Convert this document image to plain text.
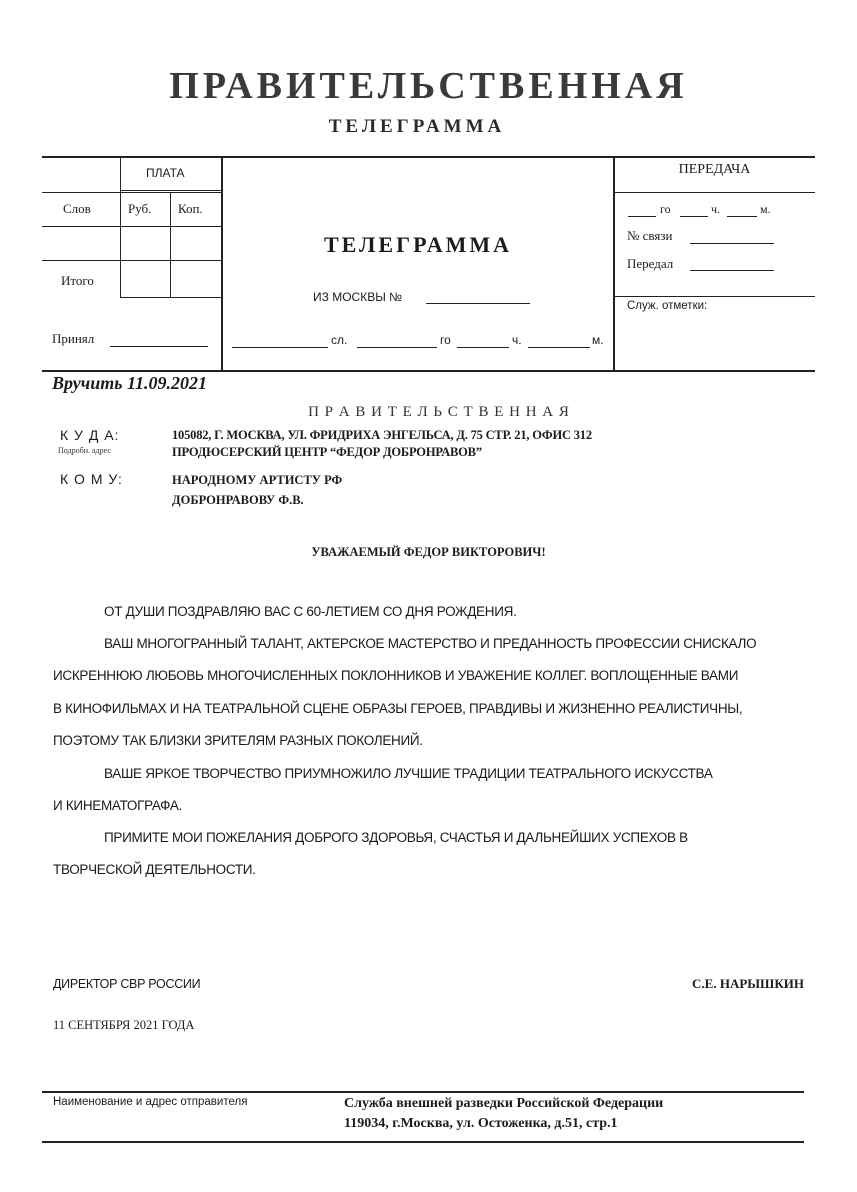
ПРАВИТЕЛЬСТВЕННАЯ
ТЕЛЕГРАММА
ПЛАТА
Слов	Руб. Коп.
Итого
Принял
ТЕЛЕГРАММА
ИЗ МОСКВЫ №
сл.	го	ч.	м.
ПЕРЕДАЧА
го	ч.	м.
№ связи
Передал
Служ. отметки:
Вручить 11.09.2021
П Р А В И Т Е Л Ь С Т В Е Н Н А Я
К У Д А:
Подробн. адрес
105082, Г. МОСКВА, УЛ. ФРИДРИХА ЭНГЕЛЬСА, Д. 75 СТР. 21, ОФИС 312
ПРОДЮСЕРСКИЙ ЦЕНТР “ФЕДОР ДОБРОНРАВОВ”
К О М У:	НАРОДНОМУ АРТИСТУ РФ
ДОБРОНРАВОВУ Ф.В.
УВАЖАЕМЫЙ ФЕДОР ВИКТОРОВИЧ!
ОТ ДУШИ ПОЗДРАВЛЯЮ ВАС С 60-ЛЕТИЕМ СО ДНЯ РОЖДЕНИЯ.
ВАШ МНОГОГРАННЫЙ ТАЛАНТ, АКТЕРСКОЕ МАСТЕРСТВО И ПРЕДАННОСТЬ ПРОФЕССИИ СНИСКАЛО
ИСКРЕННЮЮ ЛЮБОВЬ МНОГОЧИСЛЕННЫХ ПОКЛОННИКОВ И УВАЖЕНИЕ КОЛЛЕГ. ВОПЛОЩЕННЫЕ ВАМИ
В КИНОФИЛЬМАХ И НА ТЕАТРАЛЬНОЙ СЦЕНЕ ОБРАЗЫ ГЕРОЕВ, ПРАВДИВЫ И ЖИЗНЕННО РЕАЛИСТИЧНЫ,
ПОЭТОМУ ТАК БЛИЗКИ ЗРИТЕЛЯМ РАЗНЫХ ПОКОЛЕНИЙ.
ВАШЕ ЯРКОЕ ТВОРЧЕСТВО ПРИУМНОЖИЛО ЛУЧШИЕ ТРАДИЦИИ ТЕАТРАЛЬНОГО ИСКУССТВА
И КИНЕМАТОГРАФА.
ПРИМИТЕ МОИ ПОЖЕЛАНИЯ ДОБРОГО ЗДОРОВЬЯ, СЧАСТЬЯ И ДАЛЬНЕЙШИХ УСПЕХОВ В
ТВОРЧЕСКОЙ ДЕЯТЕЛЬНОСТИ.
ДИРЕКТОР СВР РОССИИ	С.Е. НАРЫШКИН
11 СЕНТЯБРЯ 2021 ГОДА
Наименование и адрес отправителя	Служба внешней разведки Российской Федерации
119034, г.Москва, ул. Остоженка, д.51, стр.1
